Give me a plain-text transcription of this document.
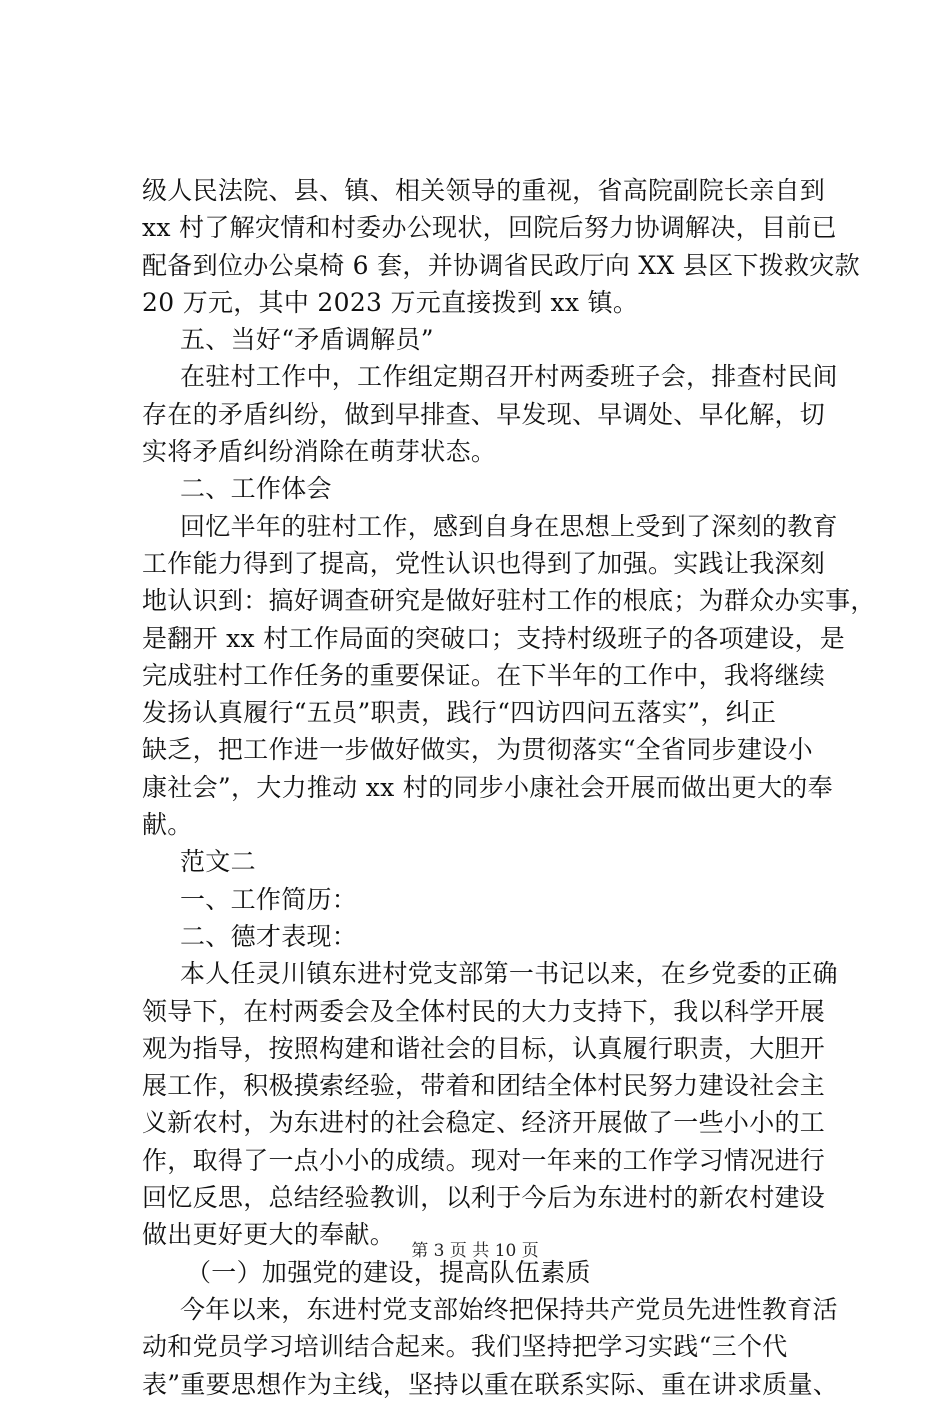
级人民法院、县、镇、相关领导的重视，省高院副院长亲自到
xx 村了解灾情和村委办公现状，回院后努力协调解决，目前已
配备到位办公桌椅 6 套，并协调省民政厅向 XX 县区下拨救灾款
20 万元，其中 2023 万元直接拨到 xx 镇。
五、当好“矛盾调解员”
在驻村工作中，工作组定期召开村两委班子会，排查村民间
存在的矛盾纠纷，做到早排查、早发现、早调处、早化解，切
实将矛盾纠纷消除在萌芽状态。
二、工作体会
回忆半年的驻村工作，感到自身在思想上受到了深刻的教育
工作能力得到了提高，党性认识也得到了加强。实践让我深刻
地认识到：搞好调查研究是做好驻村工作的根底；为群众办实事，
是翻开 xx 村工作局面的突破口；支持村级班子的各项建设，是
完成驻村工作任务的重要保证。在下半年的工作中，我将继续
发扬认真履行“五员”职责，践行“四访四问五落实”，纠正
缺乏，把工作进一步做好做实，为贯彻落实“全省同步建设小
康社会”，大力推动 xx 村的同步小康社会开展而做出更大的奉
献。
范文二
一、工作简历：
二、德才表现：
本人任灵川镇东进村党支部第一书记以来，在乡党委的正确
领导下，在村两委会及全体村民的大力支持下，我以科学开展
观为指导，按照构建和谐社会的目标，认真履行职责，大胆开
展工作，积极摸索经验，带着和团结全体村民努力建设社会主
义新农村，为东进村的社会稳定、经济开展做了一些小小的工
作，取得了一点小小的成绩。现对一年来的工作学习情况进行
回忆反思，总结经验教训，以利于今后为东进村的新农村建设
做出更好更大的奉献。
（一）加强党的建设，提高队伍素质
今年以来，东进村党支部始终把保持共产党员先进性教育活
动和党员学习培训结合起来。我们坚持把学习实践“三个代
表”重要思想作为主线，坚持以重在联系实际、重在讲求质量、
第 3 页 共 10 页
